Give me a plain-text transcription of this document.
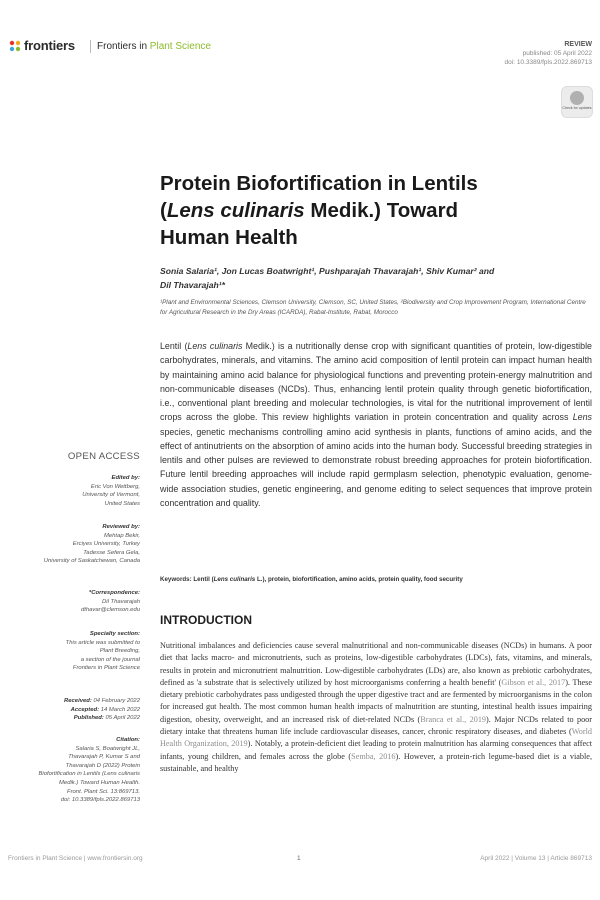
frontiers Frontiers in Plant Science	REVIEW
published: 05 April 2022
doi: 10.3389/fpls.2022.869713
Check for updates
Protein Biofortification in Lentils
(Lens culinaris Medik.) Toward
Human Health
Sonia Salaria¹, Jon Lucas Boatwright¹, Pushparajah Thavarajah¹, Shiv Kumar² and
Dil Thavarajah¹*
¹Plant and Environmental Sciences, Clemson University, Clemson, SC, United States, ²Biodiversity and Crop Improvement Program, International Centre for Agricultural Research in the Dry Areas (ICARDA), Rabat-Institute, Rabat, Morocco
Lentil (Lens culinaris Medik.) is a nutritionally dense crop with significant quantities of protein, low-digestible carbohydrates, minerals, and vitamins. The amino acid composition of lentil protein can impact human health by maintaining amino acid balance for physiological functions and preventing protein-energy malnutrition and non-communicable diseases (NCDs). Thus, enhancing lentil protein quality through genetic biofortification, i.e., conventional plant breeding and molecular technologies, is vital for the nutritional improvement of lentil crops across the globe. This review highlights variation in protein concentration and quality across Lens species, genetic mechanisms controlling amino acid synthesis in plants, functions of amino acids, and the effect of antinutrients on the absorption of amino acids into the human body. Successful breeding strategies in lentils and other pulses are reviewed to demonstrate robust breeding approaches for protein biofortification. Future lentil breeding approaches will include rapid germplasm selection, phenotypic evaluation, genome-wide association studies, genetic engineering, and genome editing to select sequences that improve protein concentration and quality.
Keywords: Lentil (Lens culinaris L.), protein, biofortification, amino acids, protein quality, food security
OPEN ACCESS
Edited by:
Eric Von Wettberg,
University of Vermont,
United States
Reviewed by:
Mehtap Bekir,
Erciyes University, Turkey
Tadesse Sefera Gela,
University of Saskatchewan, Canada
*Correspondence:
Dil Thavarajah
dthavar@clemson.edu
Specialty section:
This article was submitted to
Plant Breeding,
a section of the journal
Frontiers in Plant Science
Received: 04 February 2022
Accepted: 14 March 2022
Published: 05 April 2022
Citation:
Salaria S, Boatwright JL,
Thavarajah P, Kumar S and
Thavarajah D (2022) Protein
Biofortification in Lentils (Lens culinaris
Medik.) Toward Human Health.
Front. Plant Sci. 13:869713.
doi: 10.3389/fpls.2022.869713
INTRODUCTION
Nutritional imbalances and deficiencies cause several malnutritional and non-communicable diseases (NCDs) in humans. A poor diet that lacks macro- and micronutrients, such as proteins, low-digestible carbohydrates (LDCs), fats, vitamins, and minerals, results in protein and micronutrient malnutrition. Low-digestible carbohydrates (LDs) are, also known as prebiotic carbohydrates, defined as 'a substrate that is selectively utilized by host microorganisms conferring a health benefit' (Gibson et al., 2017). These dietary prebiotic carbohydrates pass undigested through the upper digestive tract and are fermented by microorganisms in the colon for increased gut health. The most common human health impacts of malnutrition are stunting, intestinal health issues impairing digestion, obesity, overweight, and an increased risk of diet-related NCDs (Branca et al., 2019). Major NCDs related to poor dietary intake that threatens human life include cardiovascular diseases, cancer, chronic respiratory diseases, and diabetes (World Health Organization, 2019). Notably, a protein-deficient diet leading to protein malnutrition has alarming consequences that affect infants, young children, and females across the globe (Semba, 2016). However, a protein-rich legume-based diet is a viable, sustainable, and healthy
Frontiers in Plant Science | www.frontiersin.org	1	April 2022 | Volume 13 | Article 869713
